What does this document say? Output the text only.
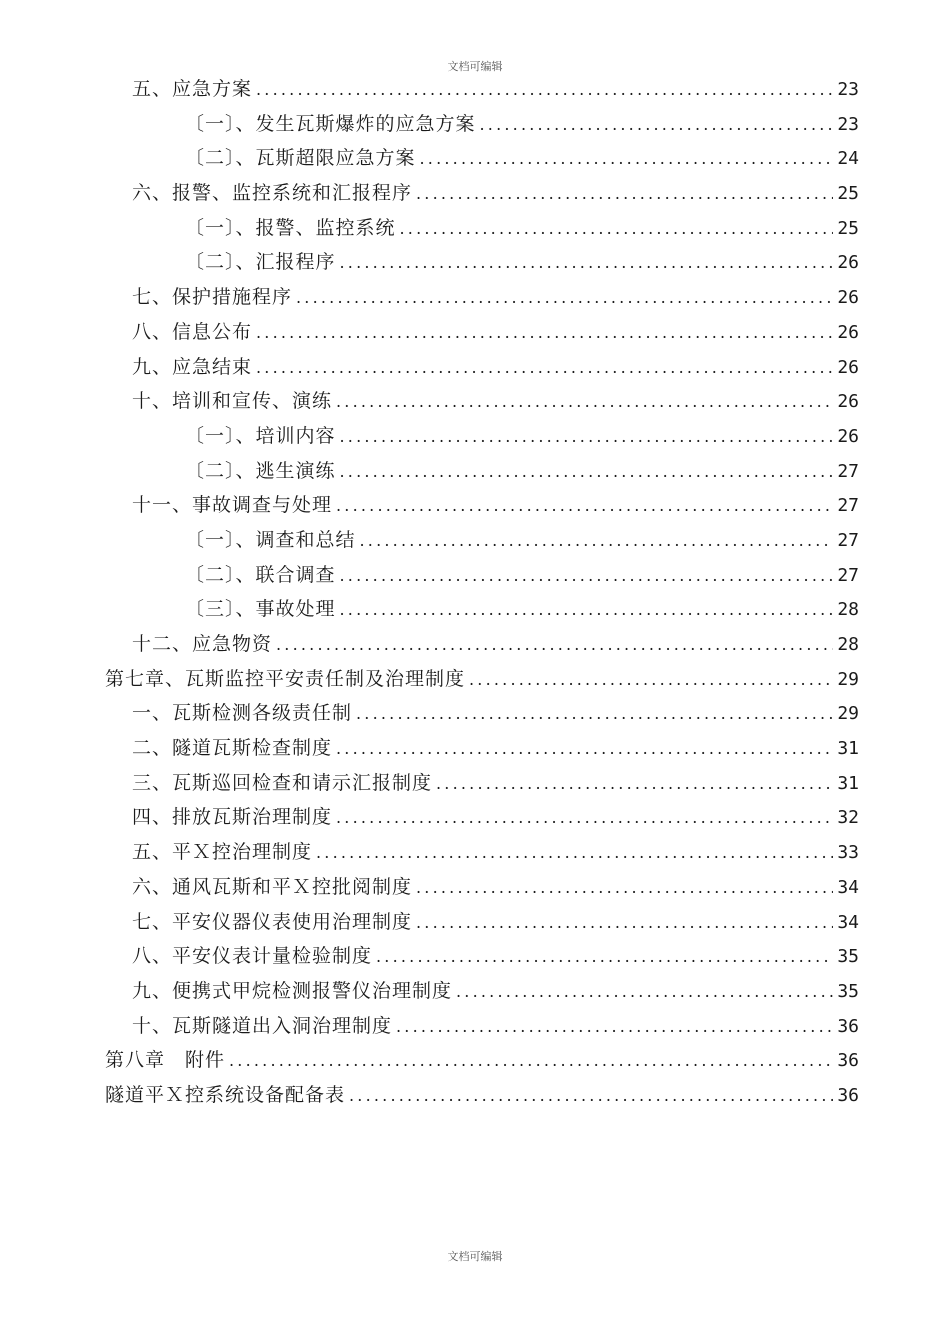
文档可编辑
五、应急方案 .....	23
〔一〕、发生瓦斯爆炸的应急方案 .....	23
〔二〕、瓦斯超限应急方案 .....	24
六、报警、监控系统和汇报程序 .....	25
〔一〕、报警、监控系统 .....	25
〔二〕、汇报程序 .....	26
七、保护措施程序 .....	26
八、信息公布 .....	26
九、应急结束 .....	26
十、培训和宣传、演练 .....	26
〔一〕、培训内容 .....	26
〔二〕、逃生演练 .....	27
十一、事故调查与处理 .....	27
〔一〕、调查和总结 .....	27
〔二〕、联合调查 .....	27
〔三〕、事故处理 .....	28
十二、应急物资 .....	28
第七章、瓦斯监控平安责任制及治理制度 .....	29
一、瓦斯检测各级责任制 .....	29
二、隧道瓦斯检查制度 .....	31
三、瓦斯巡回检查和请示汇报制度 .....	31
四、排放瓦斯治理制度 .....	32
五、平Ｘ控治理制度 .....	33
六、通风瓦斯和平Ｘ控批阅制度 .....	34
七、平安仪器仪表使用治理制度 .....	34
八、平安仪表计量检验制度 .....	35
九、便携式甲烷检测报警仪治理制度 .....	35
十、瓦斯隧道出入洞治理制度 .....	36
第八章　附件 .....	36
隧道平Ｘ控系统设备配备表 .....	36
文档可编辑
